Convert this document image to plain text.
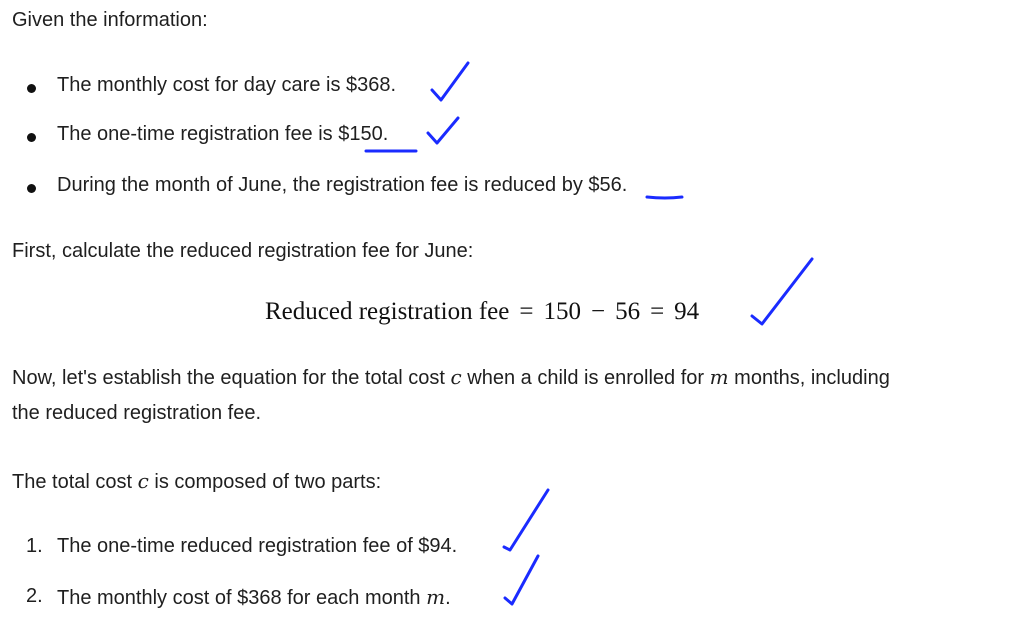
Given the information:
The monthly cost for day care is $368.
The one-time registration fee is $150.
During the month of June, the registration fee is reduced by $56.
First, calculate the reduced registration fee for June:
Reduced registration fee = 150 − 56 = 94
Now, let's establish the equation for the total cost c when a child is enrolled for m months, including
the reduced registration fee.
The total cost c is composed of two parts:
1. The one-time reduced registration fee of $94.
2. The monthly cost of $368 for each month m.
